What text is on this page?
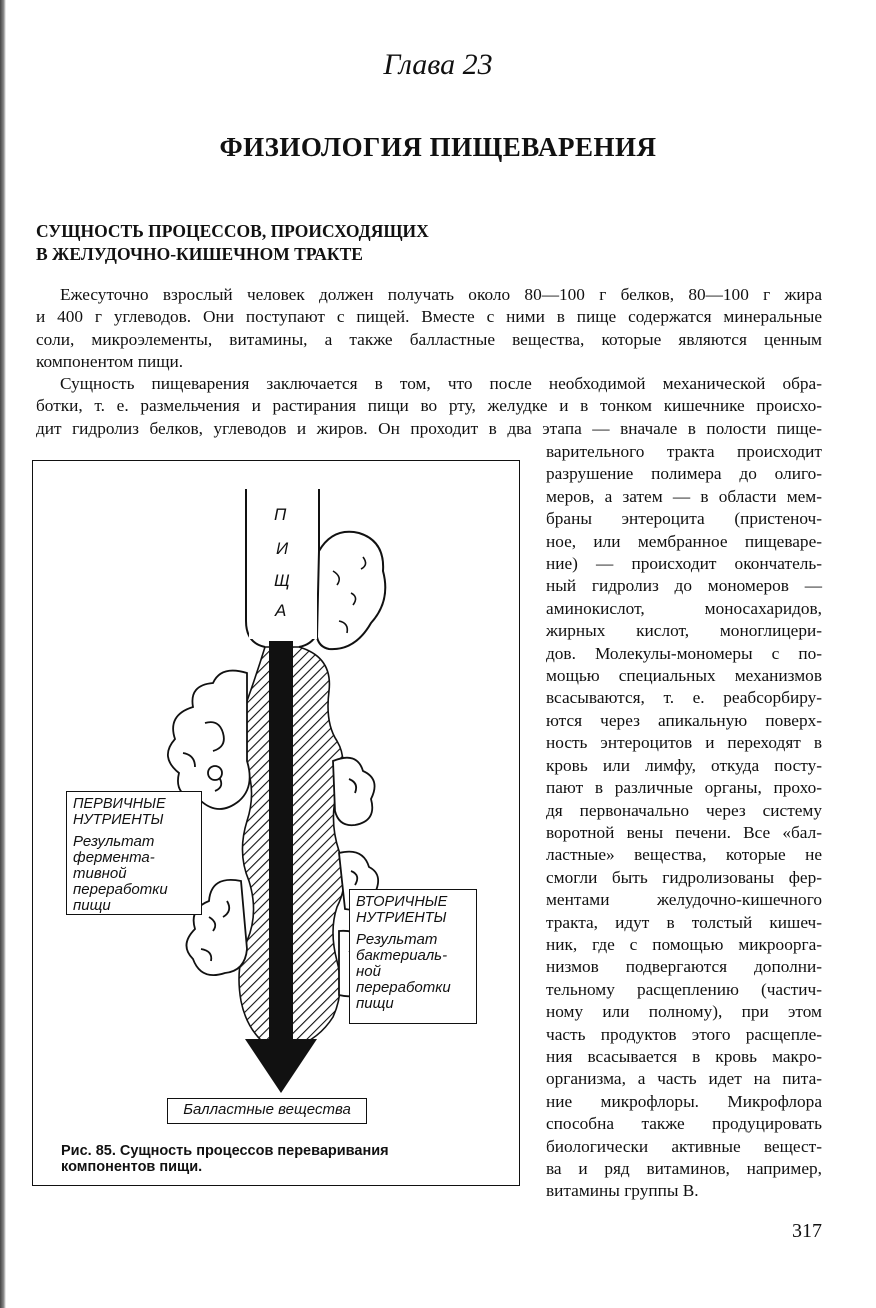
Глава 23
ФИЗИОЛОГИЯ ПИЩЕВАРЕНИЯ
СУЩНОСТЬ ПРОЦЕССОВ, ПРОИСХОДЯЩИХ
В ЖЕЛУДОЧНО-КИШЕЧНОМ ТРАКТЕ
Ежесуточно взрослый человек должен получать около 80—100 г белков, 80—100 г жира
и 400 г углеводов. Они поступают с пищей. Вместе с ними в пище содержатся минеральные
соли, микроэлементы, витамины, а также балластные вещества, которые являются ценным
компонентом пищи.
Сущность пищеварения заключается в том, что после необходимой механической обра-
ботки, т. е. размельчения и растирания пищи во рту, желудке и в тонком кишечнике происхо-
дит гидролиз белков, углеводов и жиров. Он проходит в два этапа — вначале в полости пище-
варительного тракта происходит
разрушение полимера до олиго-
меров, а затем — в области мем-
браны энтероцита (пристеноч-
ное, или мембранное пищеваре-
ние) — происходит окончатель-
ный гидролиз до мономеров —
аминокислот, моносахаридов,
жирных кислот, моноглицери-
дов. Молекулы-мономеры с по-
мощью специальных механизмов
всасываются, т. е. реабсорбиру-
ются через апикальную поверх-
ность энтероцитов и переходят в
кровь или лимфу, откуда посту-
пают в различные органы, прохо-
дя первоначально через систему
воротной вены печени. Все «бал-
ластные» вещества, которые не
смогли быть гидролизованы фер-
ментами желудочно-кишечного
тракта, идут в толстый кишеч-
ник, где с помощью микроорга-
низмов подвергаются дополни-
тельному расщеплению (частич-
ному или полному), при этом
часть продуктов этого расщепле-
ния всасывается в кровь макро-
организма, а часть идет на пита-
ние микрофлоры. Микрофлора
способна также продуцировать
биологически активные вещест-
ва и ряд витаминов, например,
витамины группы В.
П
И
Щ
А
ПЕРВИЧНЫЕ
НУТРИЕНТЫ
Результат
фермента-
тивной
переработки
пищи	ВТОРИЧНЫЕ
НУТРИЕНТЫ
Результат
бактериаль-
ной
переработки
пищи
Балластные вещества
Рис. 85. Сущность процессов переваривания
компонентов пищи.
317
